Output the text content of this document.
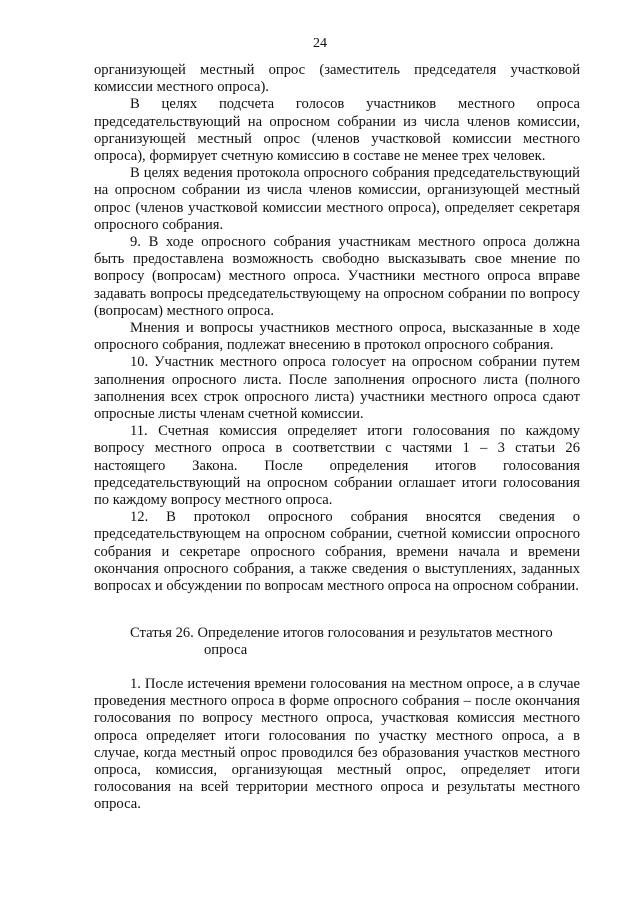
24

организующей местный опрос (заместитель председателя участковой комиссии местного опроса).

В целях подсчета голосов участников местного опроса председательствующий на опросном собрании из числа членов комиссии, организующей местный опрос (членов участковой комиссии местного опроса), формирует счетную комиссию в составе не менее трех человек.

В целях ведения протокола опросного собрания председательствующий на опросном собрании из числа членов комиссии, организующей местный опрос (членов участковой комиссии местного опроса), определяет секретаря опросного собрания.

9. В ходе опросного собрания участникам местного опроса должна быть предоставлена возможность свободно высказывать свое мнение по вопросу (вопросам) местного опроса. Участники местного опроса вправе задавать вопросы председательствующему на опросном собрании по вопросу (вопросам) местного опроса.

Мнения и вопросы участников местного опроса, высказанные в ходе опросного собрания, подлежат внесению в протокол опросного собрания.

10. Участник местного опроса голосует на опросном собрании путем заполнения опросного листа. После заполнения опросного листа (полного заполнения всех строк опросного листа) участники местного опроса сдают опросные листы членам счетной комиссии.

11. Счетная комиссия определяет итоги голосования по каждому вопросу местного опроса в соответствии с частями 1 – 3 статьи 26 настоящего Закона. После определения итогов голосования председательствующий на опросном собрании оглашает итоги голосования по каждому вопросу местного опроса.

12. В протокол опросного собрания вносятся сведения о председательствующем на опросном собрании, счетной комиссии опросного собрания и секретаре опросного собрания, времени начала и времени окончания опросного собрания, а также сведения о выступлениях, заданных вопросах и обсуждении по вопросам местного опроса на опросном собрании.

Статья 26. Определение итогов голосования и результатов местного
опроса

1. После истечения времени голосования на местном опросе, а в случае проведения местного опроса в форме опросного собрания – после окончания голосования по вопросу местного опроса, участковая комиссия местного опроса определяет итоги голосования по участку местного опроса, а в случае, когда местный опрос проводился без образования участков местного опроса, комиссия, организующая местный опрос, определяет итоги голосования на всей территории местного опроса и результаты местного опроса.
